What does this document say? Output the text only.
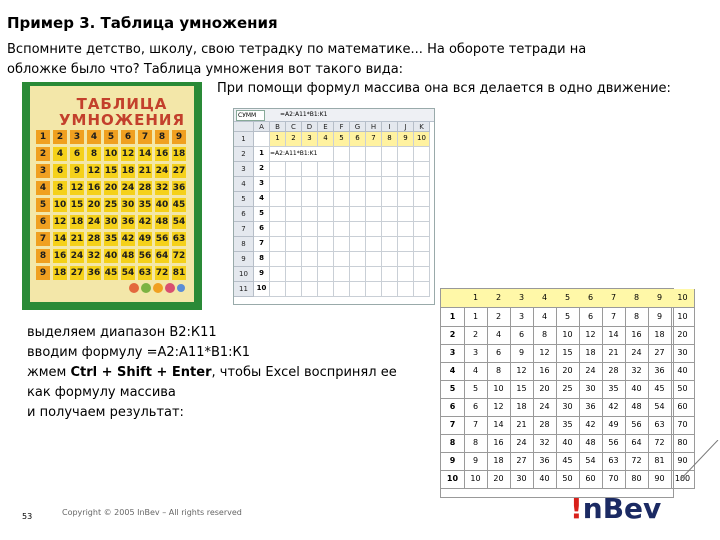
Пример 3. Таблица умножения
Вспомните детство, школу, свою тетрадку по математике... На обороте тетради на
обложке было что? Таблица умножения вот такого вида:
При помощи формул массива она вся делается в одно движение:
ТАБЛИЦА
УМНОЖЕНИЯ
1	2	3	4	5	6	7	8	9
2	4	6	8 10 12 14 16 18
3	6	9 12 15 18 21 24 27
4	8 12 16 20 24 28 32 36
5 10 15 20 25 30 35 40 45
6 12 18 24 30 36 42 48 54
7 14 21 28 35 42 49 56 63
8 16 24 32 40 48 56 64 72
9 18 27 36 45 54 63 72 81
СУММ	=A2:A11*B1:K1
A	B	C	D	E	F	G	H	I	J	K
1	1	2	3	4	5	6	7	8	9	10
2	1	=A2:A11*B1:K1
3	2
4	3
5	4
6	5
7	6
8	7
9	8
10	9
11	10
выделяем диапазон В2:К11
вводим формулу =А2:А11*В1:К1
жмем Ctrl + Shift + Enter, чтобы Excel воспринял ее
как формулу массива
и получаем результат:
1	2	3	4	5	6	7	8	9	10
1	1	2	3	4	5	6	7	8	9	10
2	2	4	6	8	10	12	14	16	18	20
3	3	6	9	12	15	18	21	24	27	30
4	4	8	12	16	20	24	28	32	36	40
5	5	10	15	20	25	30	35	40	45	50
6	6	12	18	24	30	36	42	48	54	60
7	7	14	21	28	35	42	49	56	63	70
8	8	16	24	32	40	48	56	64	72	80
9	9	18	27	36	45	54	63	72	81	90
10	10	20	30	40	50	60	70	80	90	100
53	Copyright © 2005 InBev – All rights reserved	!nBev
